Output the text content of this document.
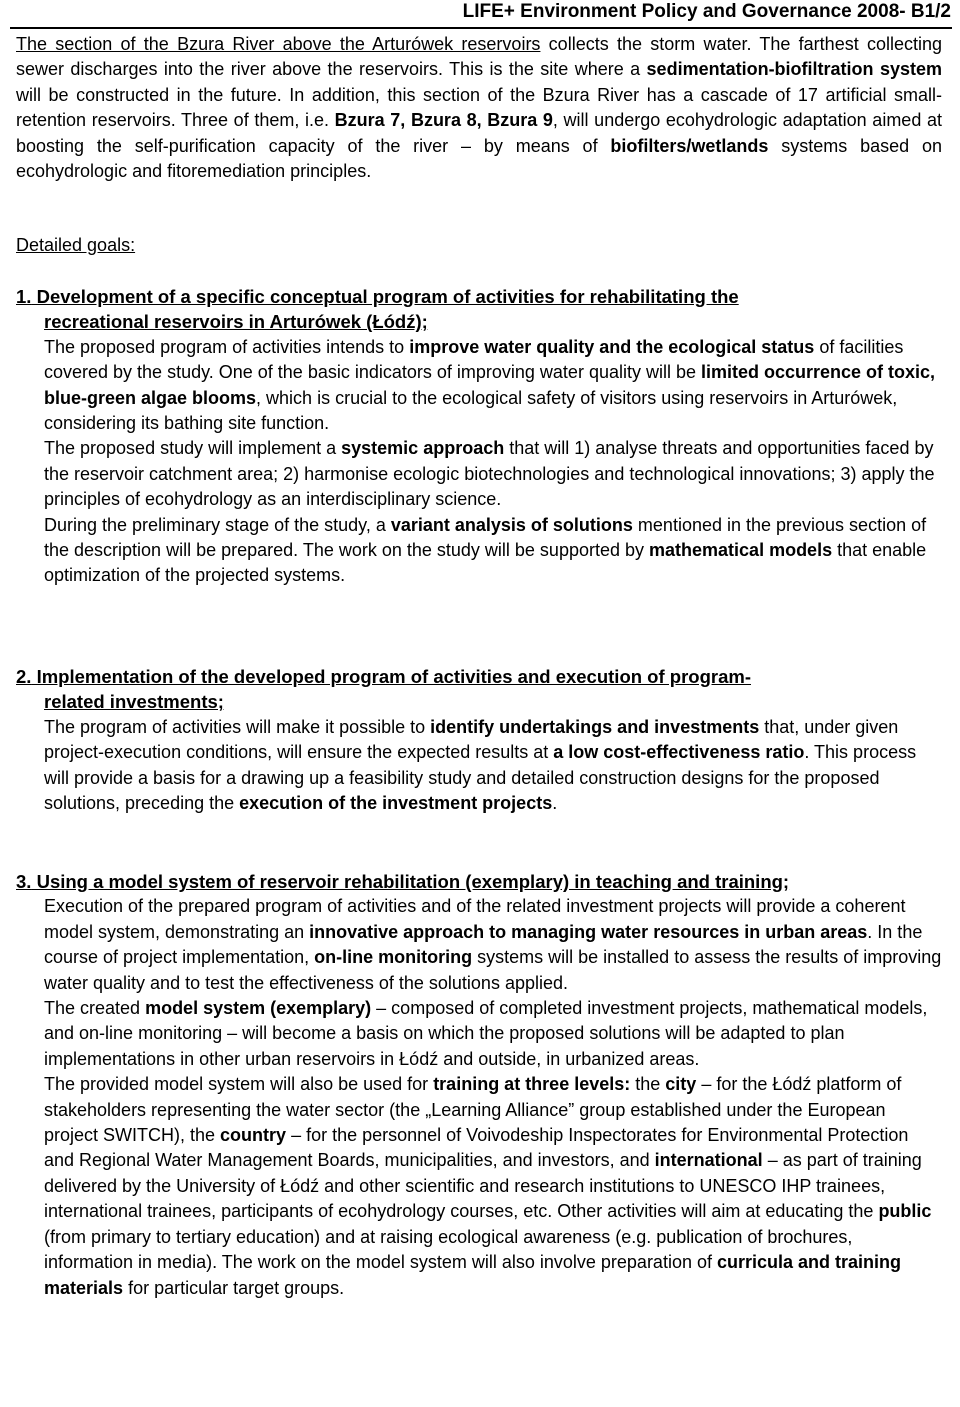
LIFE+ Environment Policy and Governance 2008- B1/2

The section of the Bzura River above the Arturówek reservoirs collects the storm water. The farthest collecting sewer discharges into the river above the reservoirs. This is the site where a sedimentation-biofiltration system will be constructed in the future. In addition, this section of the Bzura River has a cascade of 17 artificial small-retention reservoirs. Three of them, i.e. Bzura 7, Bzura 8, Bzura 9, will undergo ecohydrologic adaptation aimed at boosting the self-purification capacity of the river – by means of biofilters/wetlands systems based on ecohydrologic and fitoremediation principles.

Detailed goals:

1. Development of a specific conceptual program of activities for rehabilitating the
recreational reservoirs in Arturówek (Łódź);

The proposed program of activities intends to improve water quality and the ecological status of facilities covered by the study. One of the basic indicators of improving water quality will be limited occurrence of toxic, blue-green algae blooms, which is crucial to the ecological safety of visitors using reservoirs in Arturówek, considering its bathing site function.

The proposed study will implement a systemic approach that will 1) analyse threats and opportunities faced by the reservoir catchment area; 2) harmonise ecologic biotechnologies and technological innovations; 3) apply the principles of ecohydrology as an interdisciplinary science.

During the preliminary stage of the study, a variant analysis of solutions mentioned in the previous section of the description will be prepared. The work on the study will be supported by mathematical models that enable optimization of the projected systems.

2. Implementation of the developed program of activities and execution of program-
related investments;

The program of activities will make it possible to identify undertakings and investments that, under given project-execution conditions, will ensure the expected results at a low cost-effectiveness ratio. This process will provide a basis for a drawing up a feasibility study and detailed construction designs for the proposed solutions, preceding the execution of the investment projects.

3. Using a model system of reservoir rehabilitation (exemplary) in teaching and training;

Execution of the prepared program of activities and of the related investment projects will provide a coherent model system, demonstrating an innovative approach to managing water resources in urban areas. In the course of project implementation, on-line monitoring systems will be installed to assess the results of improving water quality and to test the effectiveness of the solutions applied.

The created model system (exemplary) – composed of completed investment projects, mathematical models, and on-line monitoring – will become a basis on which the proposed solutions will be adapted to plan implementations in other urban reservoirs in Łódź and outside, in urbanized areas.

The provided model system will also be used for training at three levels: the city – for the Łódź platform of stakeholders representing the water sector (the „Learning Alliance” group established under the European project SWITCH), the country – for the personnel of Voivodeship Inspectorates for Environmental Protection and Regional Water Management Boards, municipalities, and investors, and international – as part of training delivered by the University of Łódź and other scientific and research institutions to UNESCO IHP trainees, international trainees, participants of ecohydrology courses, etc. Other activities will aim at educating the public (from primary to tertiary education) and at raising ecological awareness (e.g. publication of brochures, information in media). The work on the model system will also involve preparation of curricula and training materials for particular target groups.
